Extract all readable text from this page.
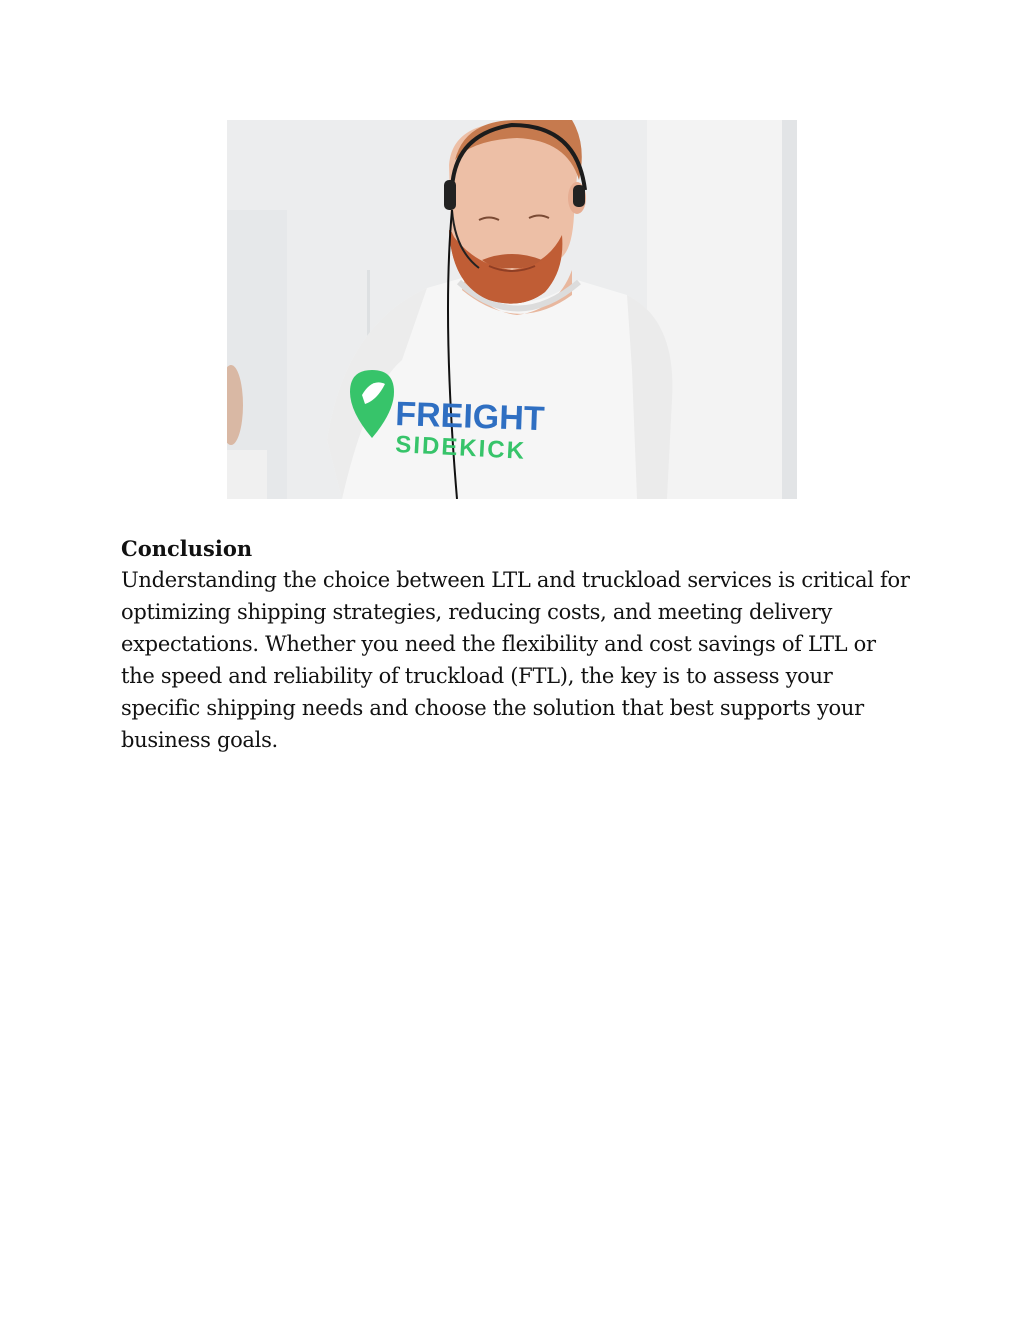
FREIGHT
SIDEKICK
Conclusion

Understanding the choice between LTL and truckload services is critical for optimizing shipping strategies, reducing costs, and meeting delivery expectations. Whether you need the flexibility and cost savings of LTL or the speed and reliability of truckload (FTL), the key is to assess your specific shipping needs and choose the solution that best supports your business goals.
